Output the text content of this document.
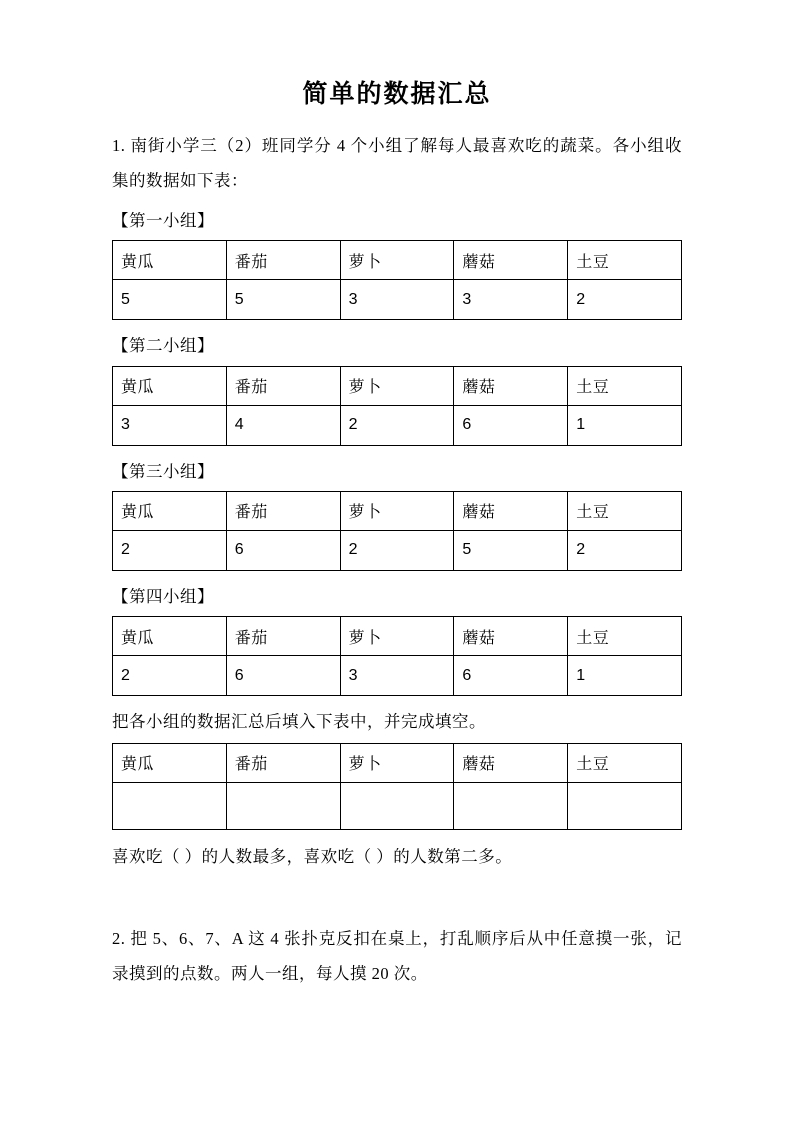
简单的数据汇总

1. 南街小学三（2）班同学分 4 个小组了解每人最喜欢吃的蔬菜。各小组收集的数据如下表：

【第一小组】

黄瓜	番茄	萝卜	蘑菇	土豆
5	5	3	3	2

【第二小组】

黄瓜	番茄	萝卜	蘑菇	土豆
3	4	2	6	1

【第三小组】

黄瓜	番茄	萝卜	蘑菇	土豆
2	6	2	5	2

【第四小组】

黄瓜	番茄	萝卜	蘑菇	土豆
2	6	3	6	1

把各小组的数据汇总后填入下表中，并完成填空。

黄瓜	番茄	萝卜	蘑菇	土豆

喜欢吃（ ）的人数最多，喜欢吃（ ）的人数第二多。

2. 把 5、6、7、A 这 4 张扑克反扣在桌上，打乱顺序后从中任意摸一张，记录摸到的点数。两人一组，每人摸 20 次。
